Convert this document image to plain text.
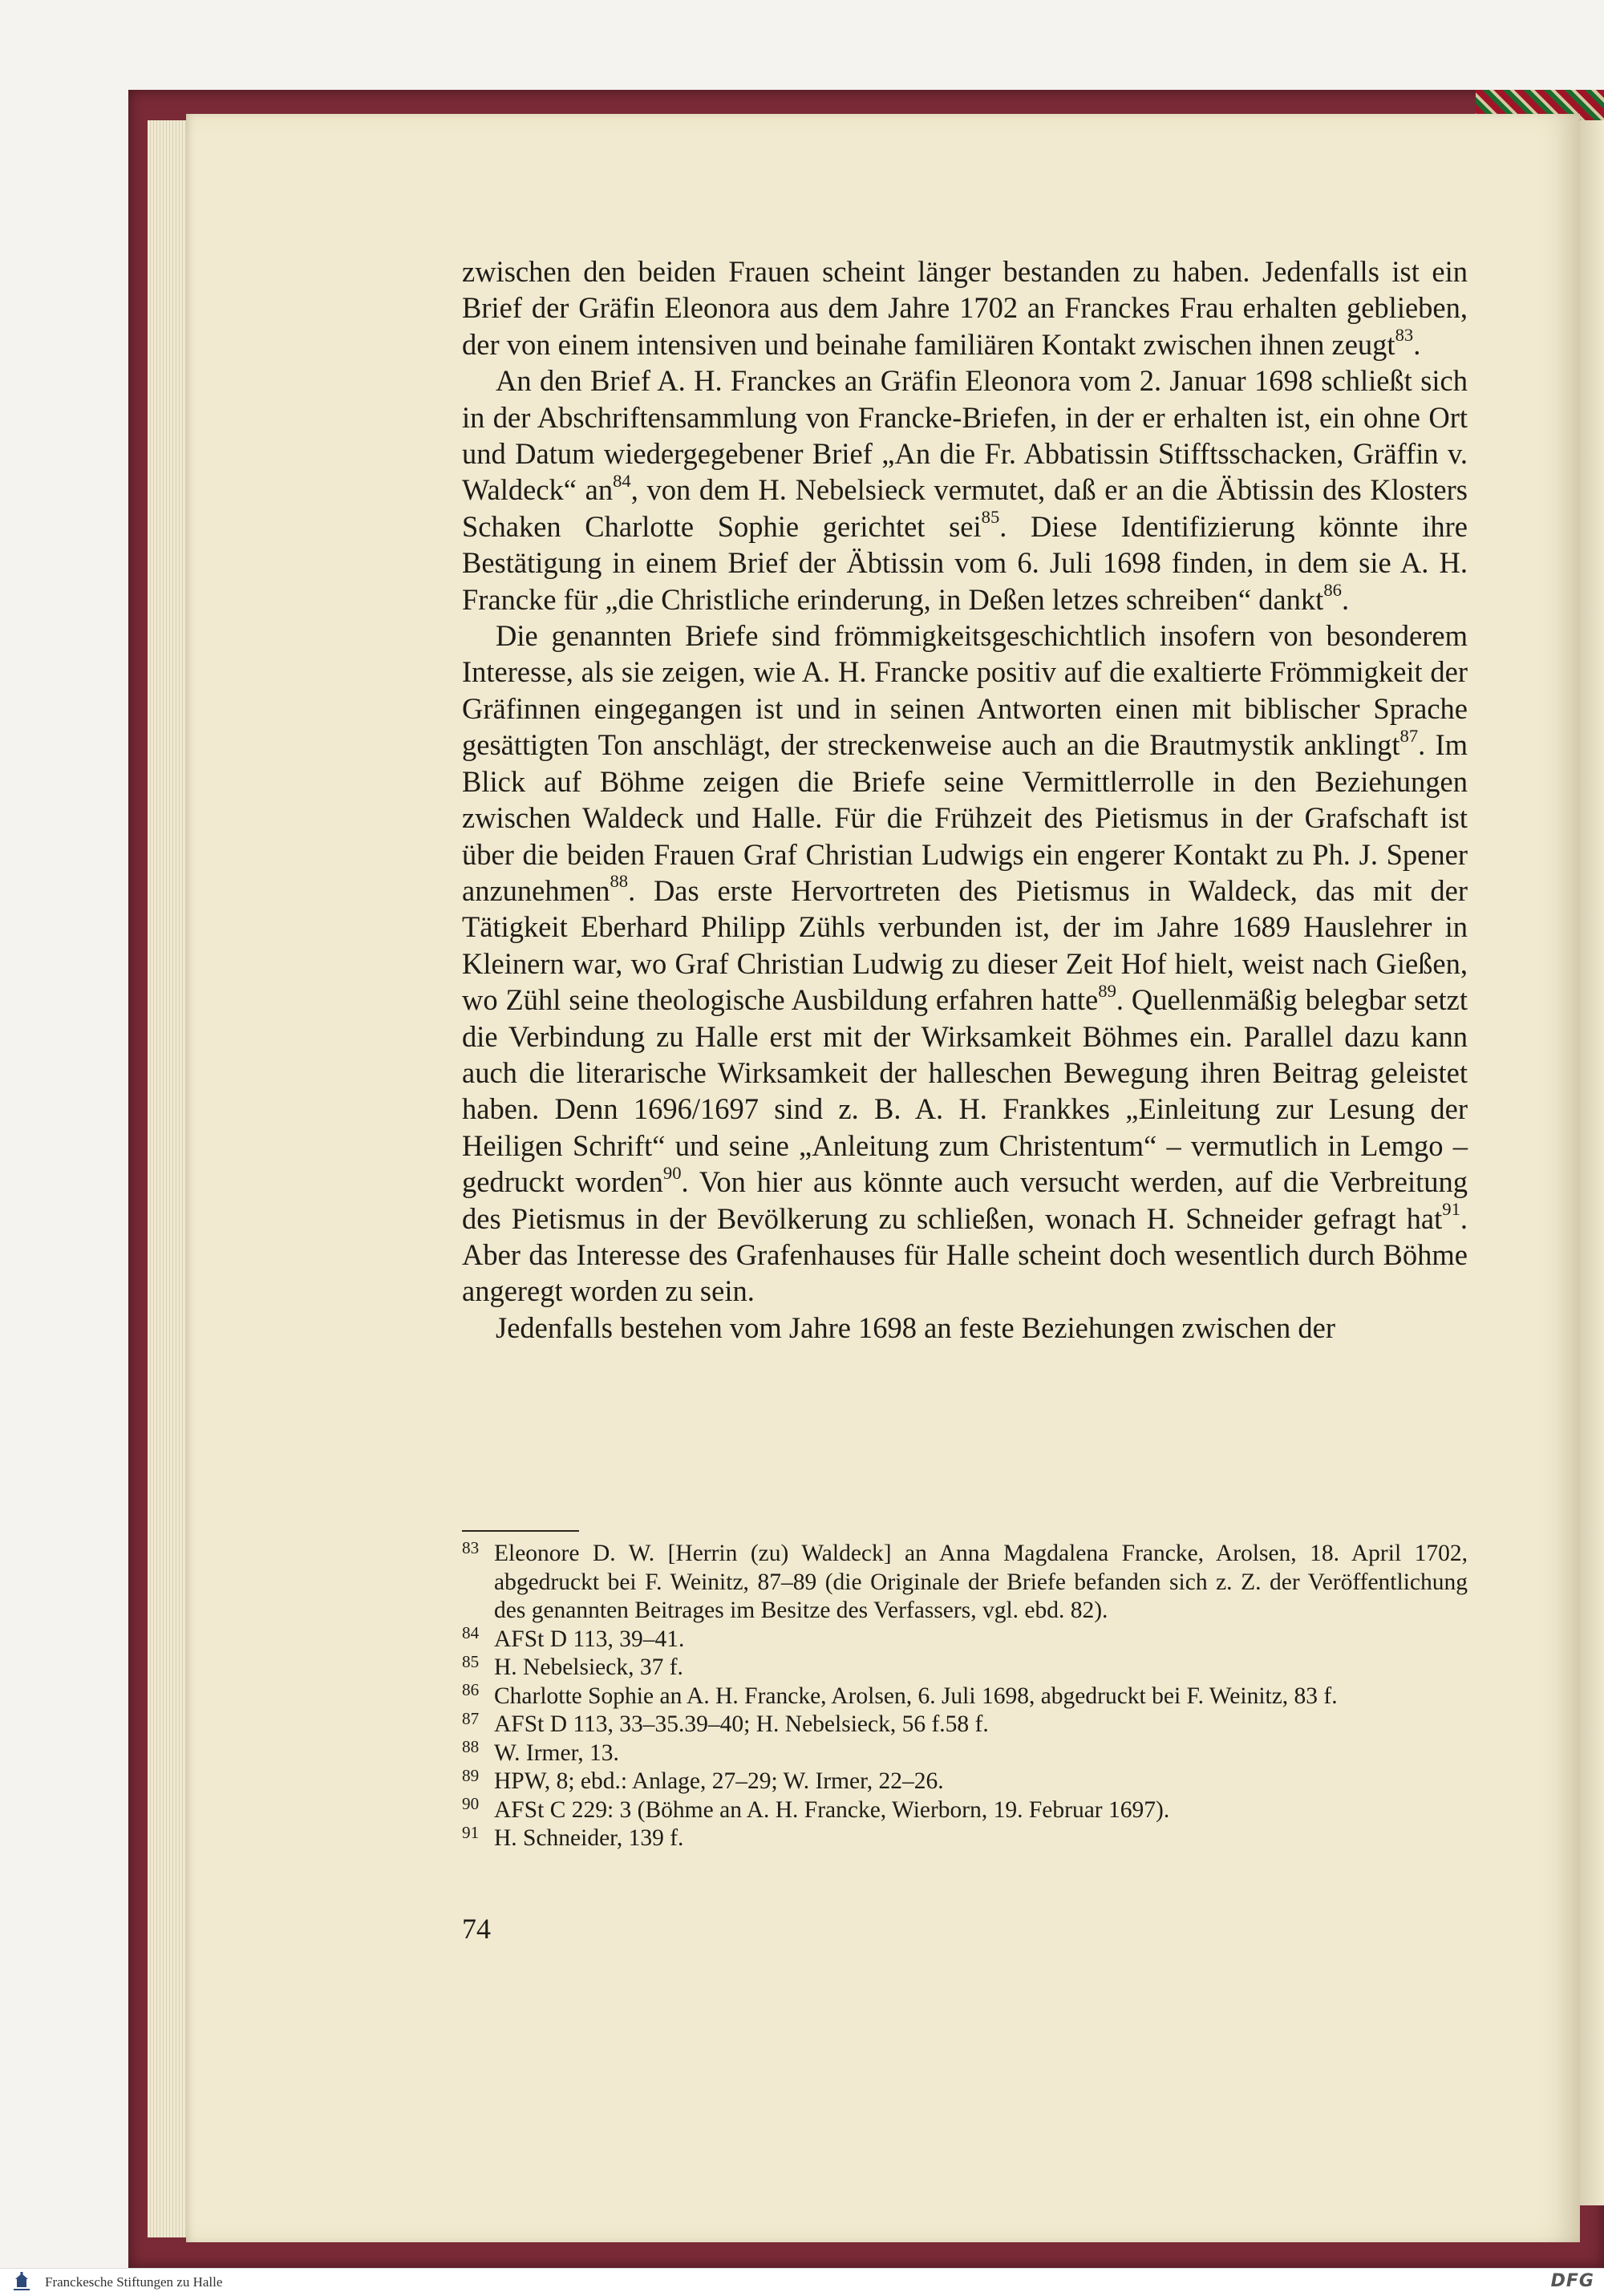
zwischen den beiden Frauen scheint länger bestanden zu haben. Jedenfalls ist ein Brief der Gräfin Eleonora aus dem Jahre 1702 an Franckes Frau erhalten geblieben, der von einem intensiven und beinahe familiären Kontakt zwischen ihnen zeugt$^{83}$.

An den Brief A. H. Franckes an Gräfin Eleonora vom 2. Januar 1698 schließt sich in der Abschriftensammlung von Francke-Briefen, in der er erhalten ist, ein ohne Ort und Datum wiedergegebener Brief „An die Fr. Abbatissin Stifftsschacken, Gräffin v. Waldeck“ $an^{84}$, von dem H. Nebelsieck vermutet, daß er an die Äbtissin des Klosters Schaken Charlotte Sophie gerichtet sei$^{85}$. Diese Identifizierung könnte ihre Bestätigung in einem Brief der Äbtissin vom 6. Juli 1698 finden, in dem sie A. H. Francke für „die Christliche erinderung, in Deßen letzes schreiben“ dankt$^{86}$.

Die genannten Briefe sind frömmigkeitsgeschichtlich insofern von besonderem Interesse, als sie zeigen, wie A. H. Francke positiv auf die exaltierte Frömmigkeit der Gräfinnen eingegangen ist und in seinen Antworten einen mit biblischer Sprache gesättigten Ton anschlägt, der streckenweise auch an die Brautmystik anklingt$^{87}$. Im Blick auf Böhme zeigen die Briefe seine Vermittlerrolle in den Beziehungen zwischen Waldeck und Halle. Für die Frühzeit des Pietismus in der Grafschaft ist über die beiden Frauen Graf Christian Ludwigs ein engerer Kontakt zu Ph. J. Spener anzunehmen$^{88}$. Das erste Hervortreten des Pietismus in Waldeck, das mit der Tätigkeit Eberhard Philipp Zühls verbunden ist, der im Jahre 1689 Hauslehrer in Kleinern war, wo Graf Christian Ludwig zu dieser Zeit Hof hielt, weist nach Gießen, wo Zühl seine theologische Ausbildung erfahren hatte$^{89}$. Quellenmäßig belegbar setzt die Verbindung zu Halle erst mit der Wirksamkeit Böhmes ein. Parallel dazu kann auch die literarische Wirksamkeit der halleschen Bewegung ihren Beitrag geleistet haben. Denn 1696/1697 sind z. B. A. H. Frankkes „Einleitung zur Lesung der Heiligen Schrift“ und seine „Anleitung zum Christentum“ – vermutlich in Lemgo – gedruckt worden$^{90}$. Von hier aus könnte auch versucht werden, auf die Verbreitung des Pietismus in der Bevölkerung zu schließen, wonach H. Schneider gefragt hat$^{91}$. Aber das Interesse des Grafenhauses für Halle scheint doch wesentlich durch Böhme angeregt worden zu sein.

Jedenfalls bestehen vom Jahre 1698 an feste Beziehungen zwischen der

83 Eleonore D. W. [Herrin (zu) Waldeck] an Anna Magdalena Francke, Arolsen, 18. April 1702, abgedruckt bei F. Weinitz, 87–89 (die Originale der Briefe befanden sich z. Z. der Veröffentlichung des genannten Beitrages im Besitze des Verfassers, vgl. ebd. 82).
84 AFSt D 113, 39–41.
85 H. Nebelsieck, 37 f.
86 Charlotte Sophie an A. H. Francke, Arolsen, 6. Juli 1698, abgedruckt bei F. Weinitz, 83 f.
87 AFSt D 113, 33–35.39–40; H. Nebelsieck, 56 f.58 f.
88 W. Irmer, 13.
89 HPW, 8; ebd.: Anlage, 27–29; W. Irmer, 22–26.
90 AFSt C 229: 3 (Böhme an A. H. Francke, Wierborn, 19. Februar 1697).
91 H. Schneider, 139 f.
74
Franckesche Stiftungen zu Halle	DFG
